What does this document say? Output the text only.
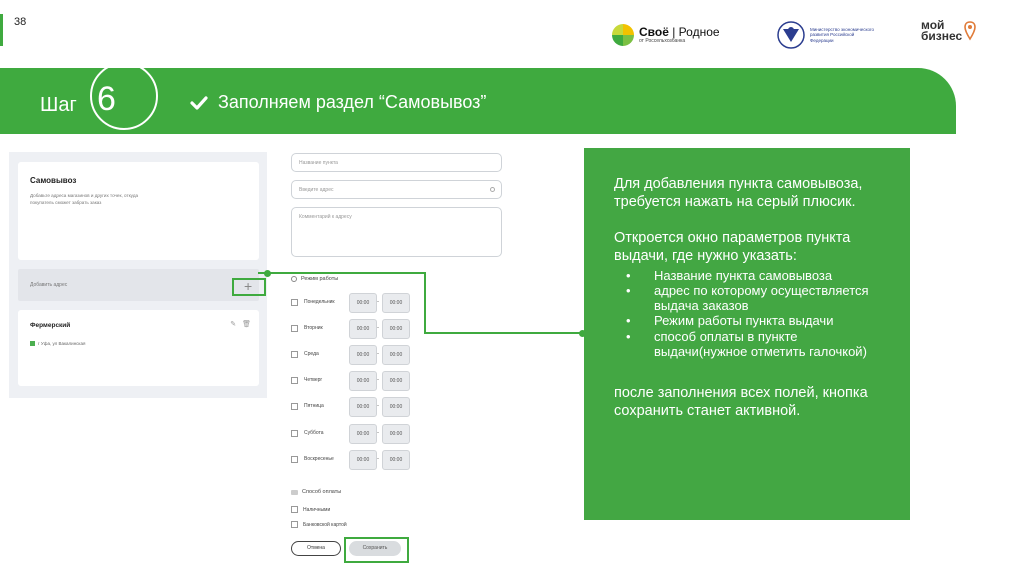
38
Своё | Родное
от Россельхозбанка
Министерство экономического развития Российской Федерации
мой
бизнес
Шаг 6	Заполняем раздел “Самовывоз”
Самовывоз
Добавьте адреса магазинов и других точек, откуда покупатель сможет забрать заказ
Добавить адрес	+
Фермерский
г Уфа, ул Вакалинская
✎ 🗑
Название пункта
Введите адрес
Комментарий к адресу
Режим работы
Понедельник	00:00	-	00:00
Вторник	00:00	-	00:00
Среда	00:00	-	00:00
Четверг	00:00	-	00:00
Пятница	00:00	-	00:00
Суббота	00:00	-	00:00
Воскресенье	00:00	-	00:00
Способ оплаты
Наличными
Банковской картой
Отмена	Сохранить
Для добавления пункта самовывоза, требуется нажать на серый плюсик.
Откроется окно параметров пункта выдачи, где нужно указать:
• Название пункта самовывоза
• адрес по которому осуществляется выдача заказов
• Режим работы пункта выдачи
• способ оплаты в пункте выдачи(нужное отметить галочкой)
после заполнения всех полей, кнопка сохранить станет активной.
